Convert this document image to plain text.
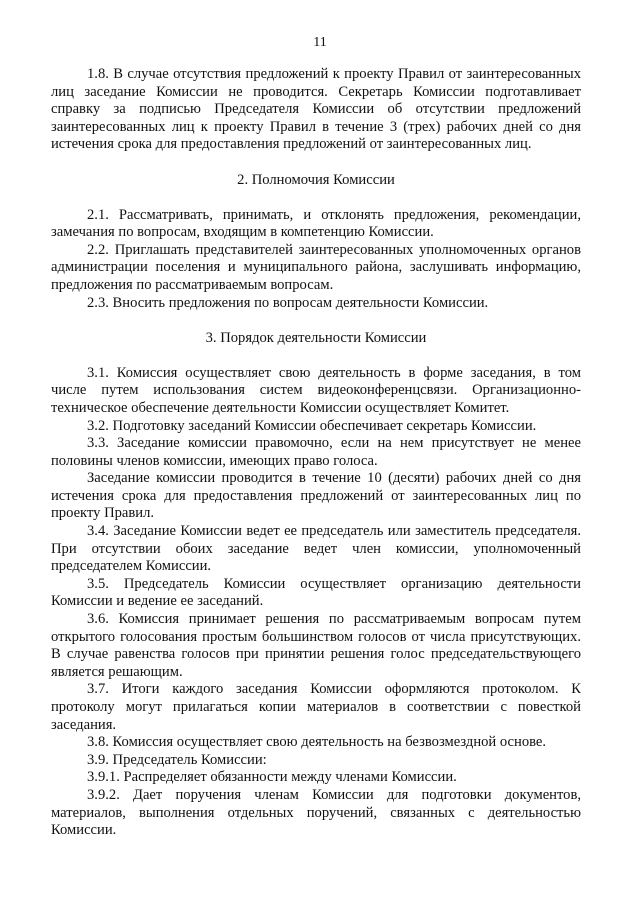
11

1.8. В случае отсутствия предложений к проекту Правил от заинтересованных лиц заседание Комиссии не проводится. Секретарь Комиссии подготавливает справку за подписью Председателя Комиссии об отсутствии предложений заинтересованных лиц к проекту Правил в течение 3 (трех) рабочих дней со дня истечения срока для предоставления предложений от заинтересованных лиц.

2. Полномочия Комиссии

2.1. Рассматривать, принимать, и отклонять предложения, рекомендации, замечания по вопросам, входящим в компетенцию Комиссии.

2.2. Приглашать представителей заинтересованных уполномоченных органов администрации поселения и муниципального района, заслушивать информацию, предложения по рассматриваемым вопросам.

2.3. Вносить предложения по вопросам деятельности Комиссии.

3. Порядок деятельности Комиссии

3.1. Комиссия осуществляет свою деятельность в форме заседания, в том числе путем использования систем видеоконференцсвязи. Организационно-техническое обеспечение деятельности Комиссии осуществляет Комитет.

3.2. Подготовку заседаний Комиссии обеспечивает секретарь Комиссии.

3.3. Заседание комиссии правомочно, если на нем присутствует не менее половины членов комиссии, имеющих право голоса.

Заседание комиссии проводится в течение 10 (десяти) рабочих дней со дня истечения срока для предоставления предложений от заинтересованных лиц по проекту Правил.

3.4. Заседание Комиссии ведет ее председатель или заместитель председателя. При отсутствии обоих заседание ведет член комиссии, уполномоченный председателем Комиссии.

3.5. Председатель Комиссии осуществляет организацию деятельности Комиссии и ведение ее заседаний.

3.6. Комиссия принимает решения по рассматриваемым вопросам путем открытого голосования простым большинством голосов от числа присутствующих. В случае равенства голосов при принятии решения голос председательствующего является решающим.

3.7. Итоги каждого заседания Комиссии оформляются протоколом. К протоколу могут прилагаться копии материалов в соответствии с повесткой заседания.

3.8. Комиссия осуществляет свою деятельность на безвозмездной основе.

3.9. Председатель Комиссии:

3.9.1. Распределяет обязанности между членами Комиссии.

3.9.2. Дает поручения членам Комиссии для подготовки документов, материалов, выполнения отдельных поручений, связанных с деятельностью Комиссии.
